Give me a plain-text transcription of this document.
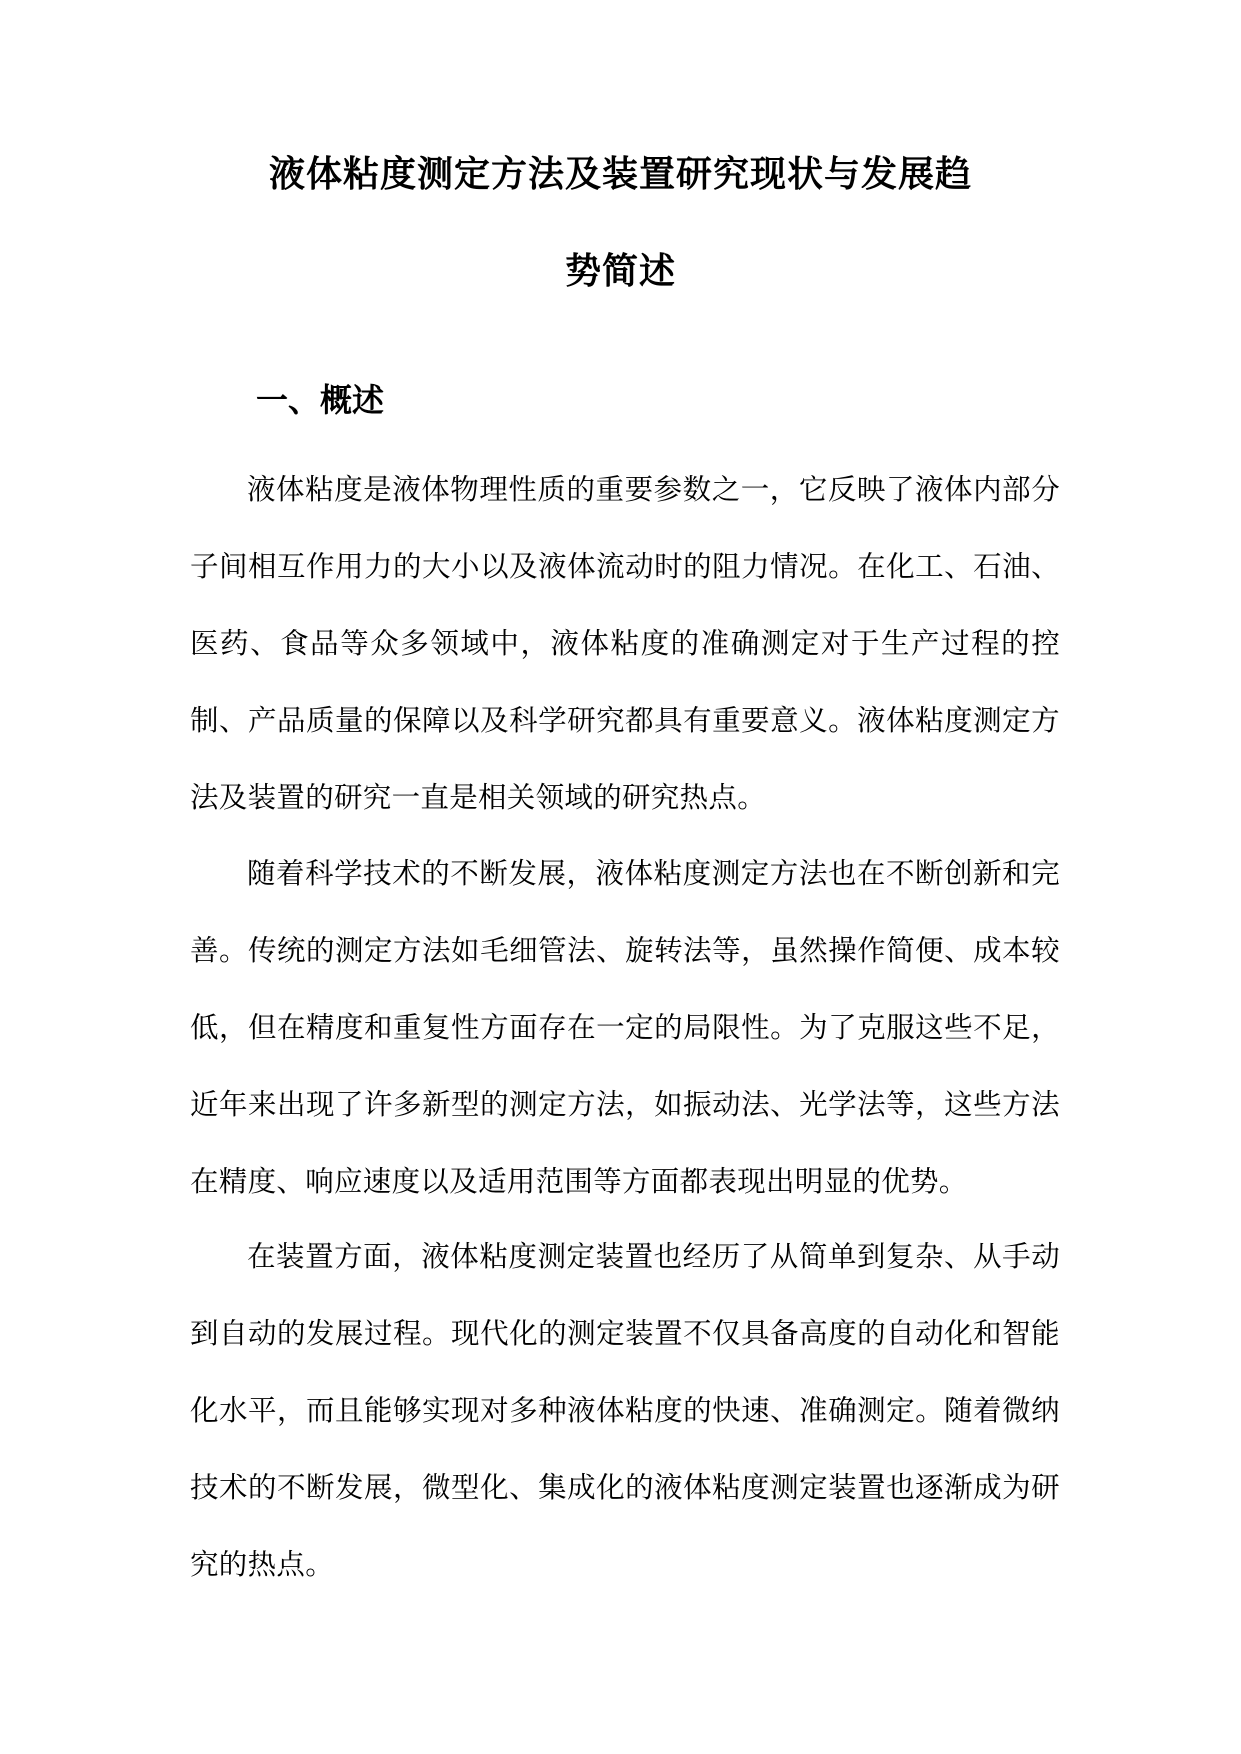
液体粘度测定方法及装置研究现状与发展趋
势简述
一、概述

液体粘度是液体物理性质的重要参数之一，它反映了液体内部分子间相互作用力的大小以及液体流动时的阻力情况。在化工、石油、医药、食品等众多领域中，液体粘度的准确测定对于生产过程的控制、产品质量的保障以及科学研究都具有重要意义。液体粘度测定方法及装置的研究一直是相关领域的研究热点。

随着科学技术的不断发展，液体粘度测定方法也在不断创新和完善。传统的测定方法如毛细管法、旋转法等，虽然操作简便、成本较低，但在精度和重复性方面存在一定的局限性。为了克服这些不足，近年来出现了许多新型的测定方法，如振动法、光学法等，这些方法在精度、响应速度以及适用范围等方面都表现出明显的优势。

在装置方面，液体粘度测定装置也经历了从简单到复杂、从手动到自动的发展过程。现代化的测定装置不仅具备高度的自动化和智能化水平，而且能够实现对多种液体粘度的快速、准确测定。随着微纳技术的不断发展，微型化、集成化的液体粘度测定装置也逐渐成为研究的热点。
